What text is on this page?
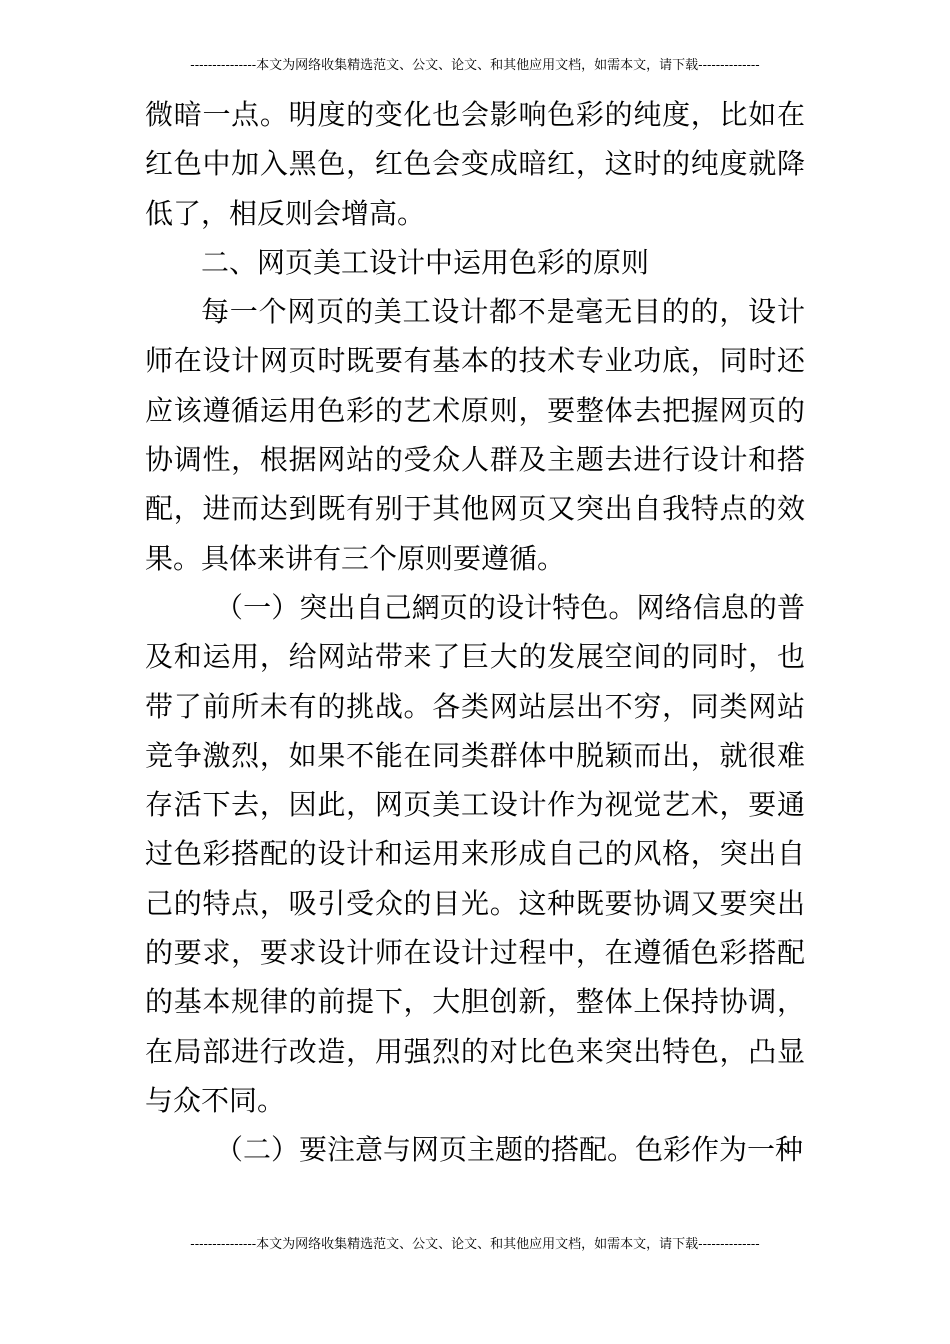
---------------本文为网络收集精选范文、公文、论文、和其他应用文档，如需本文，请下载--------------

微暗一点。明度的变化也会影响色彩的纯度，比如在红色中加入黑色，红色会变成暗红，这时的纯度就降低了，相反则会增高。

二、网页美工设计中运用色彩的原则

每一个网页的美工设计都不是毫无目的的，设计师在设计网页时既要有基本的技术专业功底，同时还应该遵循运用色彩的艺术原则，要整体去把握网页的协调性，根据网站的受众人群及主题去进行设计和搭配，进而达到既有别于其他网页又突出自我特点的效果。具体来讲有三个原则要遵循。

（一）突出自己網页的设计特色。网络信息的普及和运用，给网站带来了巨大的发展空间的同时，也带了前所未有的挑战。各类网站层出不穷，同类网站竞争激烈，如果不能在同类群体中脱颖而出，就很难存活下去，因此，网页美工设计作为视觉艺术，要通过色彩搭配的设计和运用来形成自己的风格，突出自己的特点，吸引受众的目光。这种既要协调又要突出的要求，要求设计师在设计过程中，在遵循色彩搭配的基本规律的前提下，大胆创新，整体上保持协调，在局部进行改造，用强烈的对比色来突出特色，凸显与众不同。

（二）要注意与网页主题的搭配。色彩作为一种

---------------本文为网络收集精选范文、公文、论文、和其他应用文档，如需本文，请下载--------------
